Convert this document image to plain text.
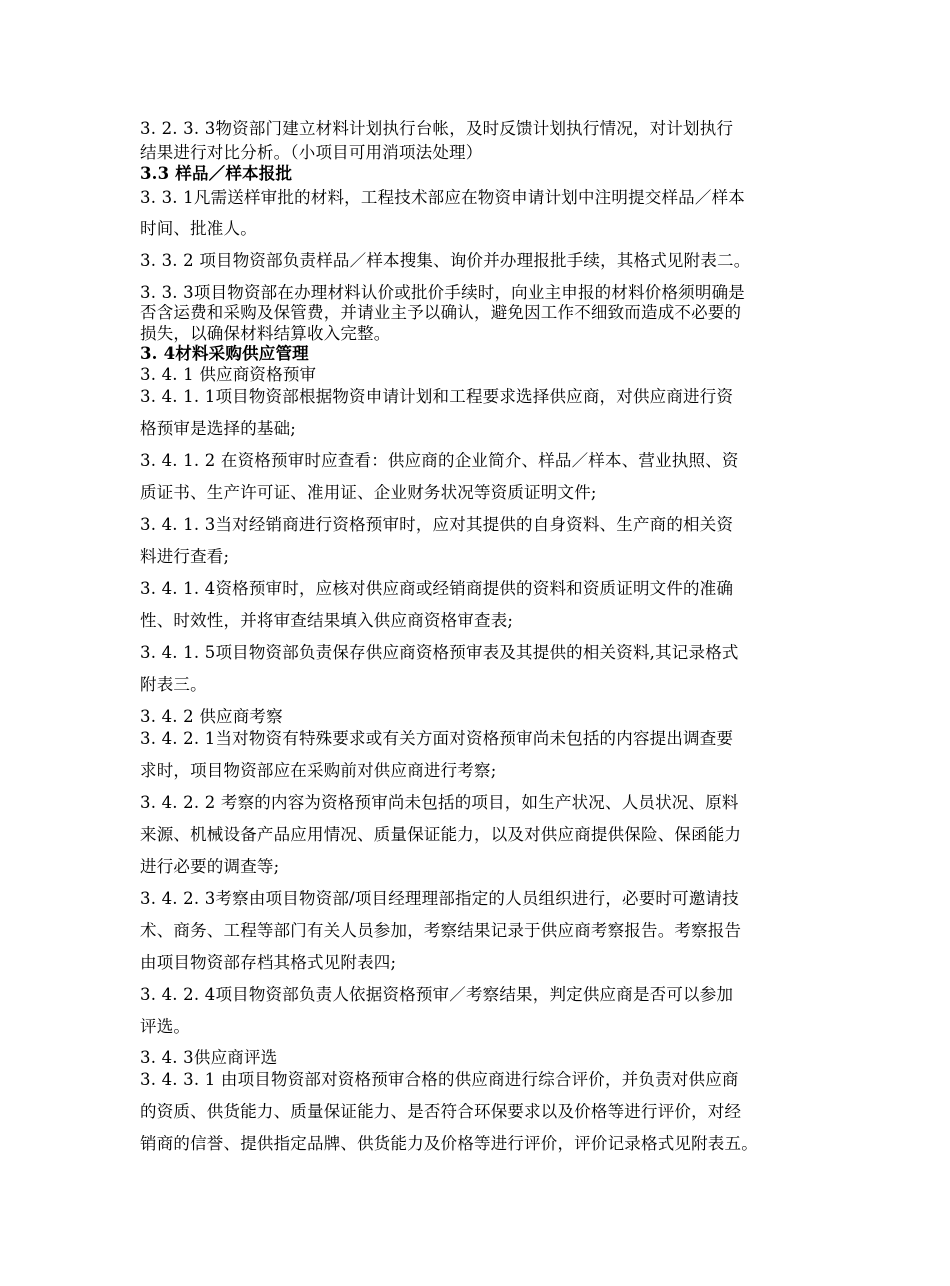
3. 2. 3. 3物资部门建立材料计划执行台帐，及时反馈计划执行情况，对计划执行
结果进行对比分析。（小项目可用消项法处理）
3.3 样品／样本报批
3. 3. 1凡需送样审批的材料，工程技术部应在物资申请计划中注明提交样品／样本
时间、批准人。
3. 3. 2 项目物资部负责样品／样本搜集、询价并办理报批手续，其格式见附表二。
3. 3. 3项目物资部在办理材料认价或批价手续时，向业主申报的材料价格须明确是
否含运费和采购及保管费，并请业主予以确认，避免因工作不细致而造成不必要的
损失，以确保材料结算收入完整。
3. 4材料采购供应管理
3. 4. 1 供应商资格预审
3. 4. 1. 1项目物资部根据物资申请计划和工程要求选择供应商，对供应商进行资
格预审是选择的基础;
3. 4. 1. 2 在资格预审时应查看：供应商的企业简介、样品／样本、营业执照、资
质证书、生产许可证、准用证、企业财务状况等资质证明文件;
3. 4. 1. 3当对经销商进行资格预审时，应对其提供的自身资料、生产商的相关资
料进行查看;
3. 4. 1. 4资格预审时，应核对供应商或经销商提供的资料和资质证明文件的准确
性、时效性，并将审查结果填入供应商资格审查表;
3. 4. 1. 5项目物资部负责保存供应商资格预审表及其提供的相关资料,其记录格式
附表三。
3. 4. 2 供应商考察
3. 4. 2. 1当对物资有特殊要求或有关方面对资格预审尚未包括的内容提出调查要
求时，项目物资部应在采购前对供应商进行考察;
3. 4. 2. 2 考察的内容为资格预审尚未包括的项目，如生产状况、人员状况、原料
来源、机械设备产品应用情况、质量保证能力，以及对供应商提供保险、保函能力
进行必要的调查等;
3. 4. 2. 3考察由项目物资部/项目经理理部指定的人员组织进行，必要时可邀请技
术、商务、工程等部门有关人员参加，考察结果记录于供应商考察报告。考察报告
由项目物资部存档其格式见附表四;
3. 4. 2. 4项目物资部负责人依据资格预审／考察结果，判定供应商是否可以参加
评选。
3. 4. 3供应商评选
3. 4. 3. 1 由项目物资部对资格预审合格的供应商进行综合评价，并负责对供应商
的资质、供货能力、质量保证能力、是否符合环保要求以及价格等进行评价，对经
销商的信誉、提供指定品牌、供货能力及价格等进行评价，评价记录格式见附表五。
